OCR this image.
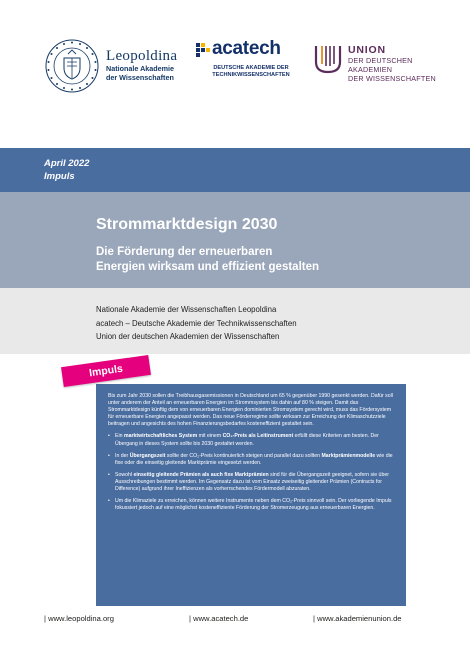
Leopoldina
Nationale Akademie
der Wissenschaften
acatech
DEUTSCHE AKADEMIE DER
TECHNIKWISSENSCHAFTEN
UNION
DER DEUTSCHEN AKADEMIEN
DER WISSENSCHAFTEN
April 2022
Impuls
Strommarktdesign 2030
Die Förderung der erneuerbaren
Energien wirksam und effizient gestalten
Nationale Akademie der Wissenschaften Leopoldina
acatech – Deutsche Akademie der Technikwissenschaften
Union der deutschen Akademien der Wissenschaften
Impuls

Bis zum Jahr 2030 sollen die Treibhausgasemissionen in Deutschland um 65 % gegenüber 1990 gesenkt werden. Dafür soll unter anderem der Anteil an erneuerbaren Energien im Strommsystem bis dahin auf 80 % steigen. Damit das Strommarktdesign künftig dem von erneuerbaren Energien dominierten Stromsystem gerecht wird, muss das Fördersystem für erneuerbare Energien angepasst werden. Das neue Förderregime sollte wirksam zur Erreichung der Klimaschutzziele beitragen und angesichts des hohen Finanzierungsbedarfes kosteneffizient gestaltet sein.

• Ein marktwirtschaftliches System mit einem CO₂-Preis als Leitinstrument erfüllt diese Kriterien am besten. Der Übergang in dieses System sollte bis 2030 gestaltet werden.
• In der Übergangszeit sollte der CO₂-Preis kontinuierlich steigen und parallel dazu sollten Marktprämienmodelle wie die fixe oder die einseitig gleitende Marktprämie eingesetzt werden.
• Sowohl einseitig gleitende Prämien als auch fixe Marktprämien sind für die Übergangszeit geeignet, sofern sie über Ausschreibungen bestimmt werden. Im Gegensatz dazu ist vom Einsatz zweiseitig gleitender Prämien (Contracts for Difference) aufgrund ihrer Ineffizienzen als vorherrschendes Fördermodell abzuraten.
• Um die Klimaziele zu erreichen, können weitere Instrumente neben dem CO₂-Preis sinnvoll sein. Der vorliegende Impuls fokussiert jedoch auf eine möglichst kosteneffiziente Förderung der Stromerzeugung aus erneuerbaren Energien.
| www.leopoldina.org	| www.acatech.de	| www.akademienunion.de
